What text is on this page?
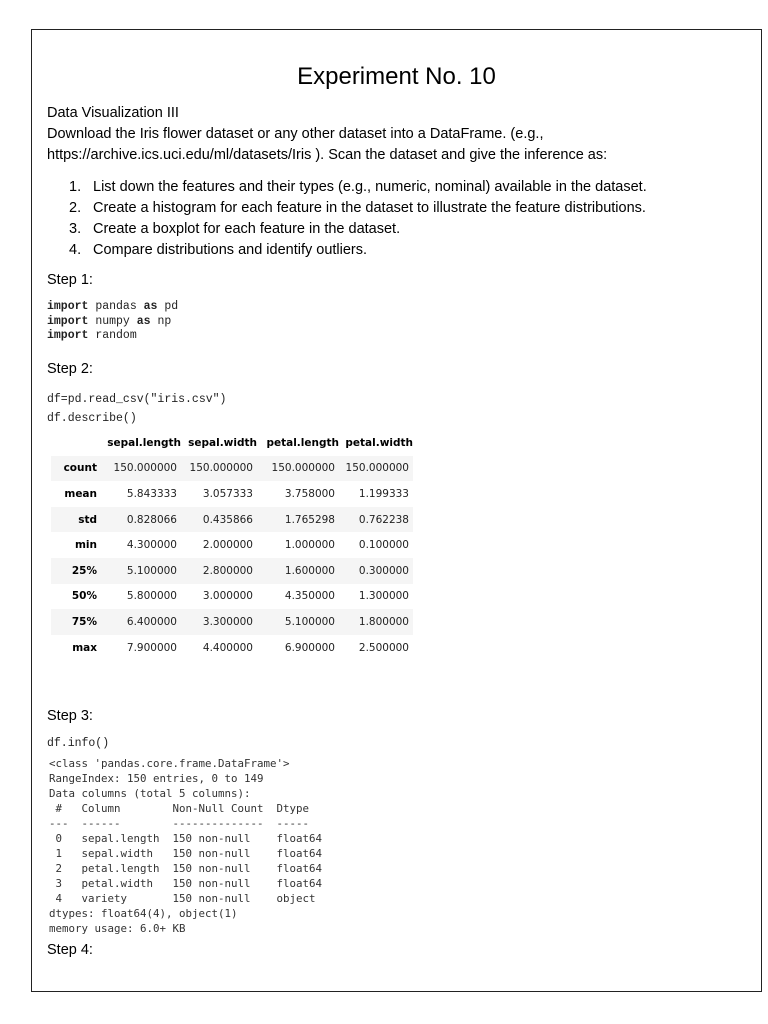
Experiment No. 10
Data Visualization III
Download the Iris flower dataset or any other dataset into a DataFrame. (e.g.,
https://archive.ics.uci.edu/ml/datasets/Iris ). Scan the dataset and give the inference as:
1. List down the features and their types (e.g., numeric, nominal) available in the dataset.
2. Create a histogram for each feature in the dataset to illustrate the feature distributions.
3. Create a boxplot for each feature in the dataset.
4. Compare distributions and identify outliers.
Step 1:
import pandas as pd
import numpy as np
import random
Step 2:
df=pd.read_csv("iris.csv")
df.describe()
	sepal.length	sepal.width	petal.length	petal.width
count	150.000000	150.000000	150.000000	150.000000
mean	5.843333	3.057333	3.758000	1.199333
std	0.828066	0.435866	1.765298	0.762238
min	4.300000	2.000000	1.000000	0.100000
25%	5.100000	2.800000	1.600000	0.300000
50%	5.800000	3.000000	4.350000	1.300000
75%	6.400000	3.300000	5.100000	1.800000
max	7.900000	4.400000	6.900000	2.500000
Step 3:
df.info()
<class 'pandas.core.frame.DataFrame'>
RangeIndex: 150 entries, 0 to 149
Data columns (total 5 columns):
#   Column        Non-Null Count  Dtype
---  ------        --------------  -----
0   sepal.length  150 non-null    float64
1   sepal.width   150 non-null    float64
2   petal.length  150 non-null    float64
3   petal.width   150 non-null    float64
4   variety       150 non-null    object
dtypes: float64(4), object(1)
memory usage: 6.0+ KB
Step 4:
